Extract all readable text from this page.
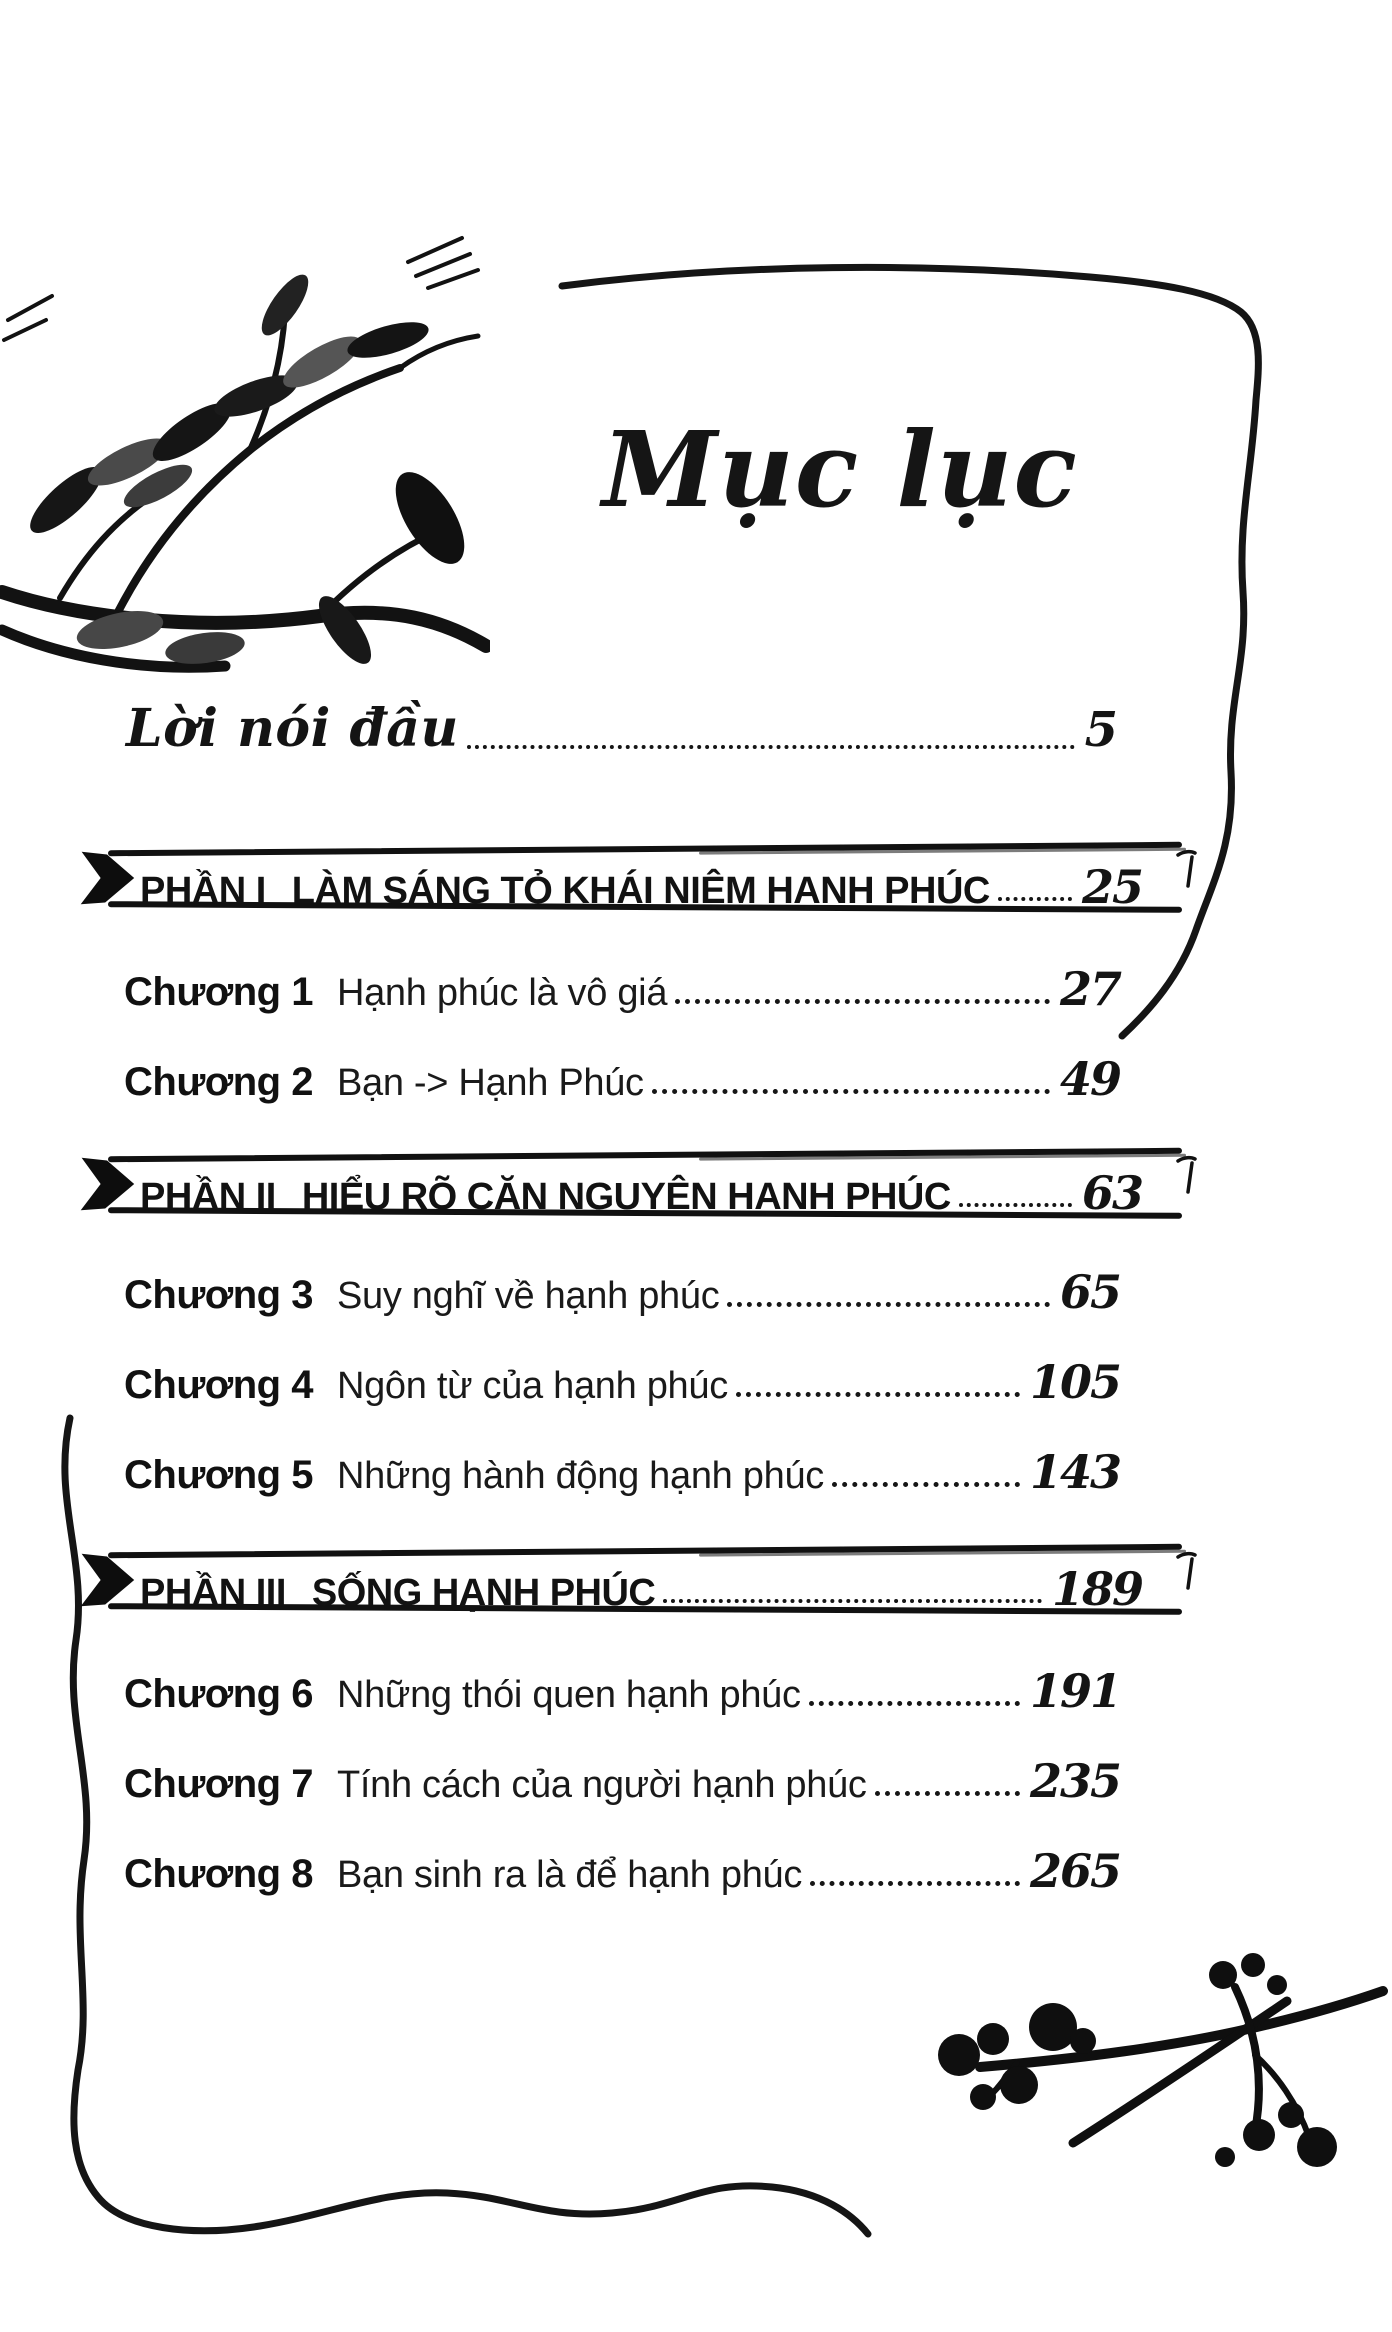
Mục lục
Lời nói đầu	5
PHẦN I LÀM SÁNG TỎ KHÁI NIỆM HẠNH PHÚC 25
Chương 1 Hạnh phúc là vô giá	27
Chương 2 Bạn -> Hạnh Phúc	49
PHẦN II HIỂU RÕ CĂN NGUYÊN HẠNH PHÚC	63
Chương 3 Suy nghĩ về hạnh phúc	65
Chương 4 Ngôn từ của hạnh phúc	105
Chương 5 Những hành động hạnh phúc	143
PHẦN III SỐNG HẠNH PHÚC	189
Chương 6 Những thói quen hạnh phúc	191
Chương 7 Tính cách của người hạnh phúc	235
Chương 8 Bạn sinh ra là để hạnh phúc	265
